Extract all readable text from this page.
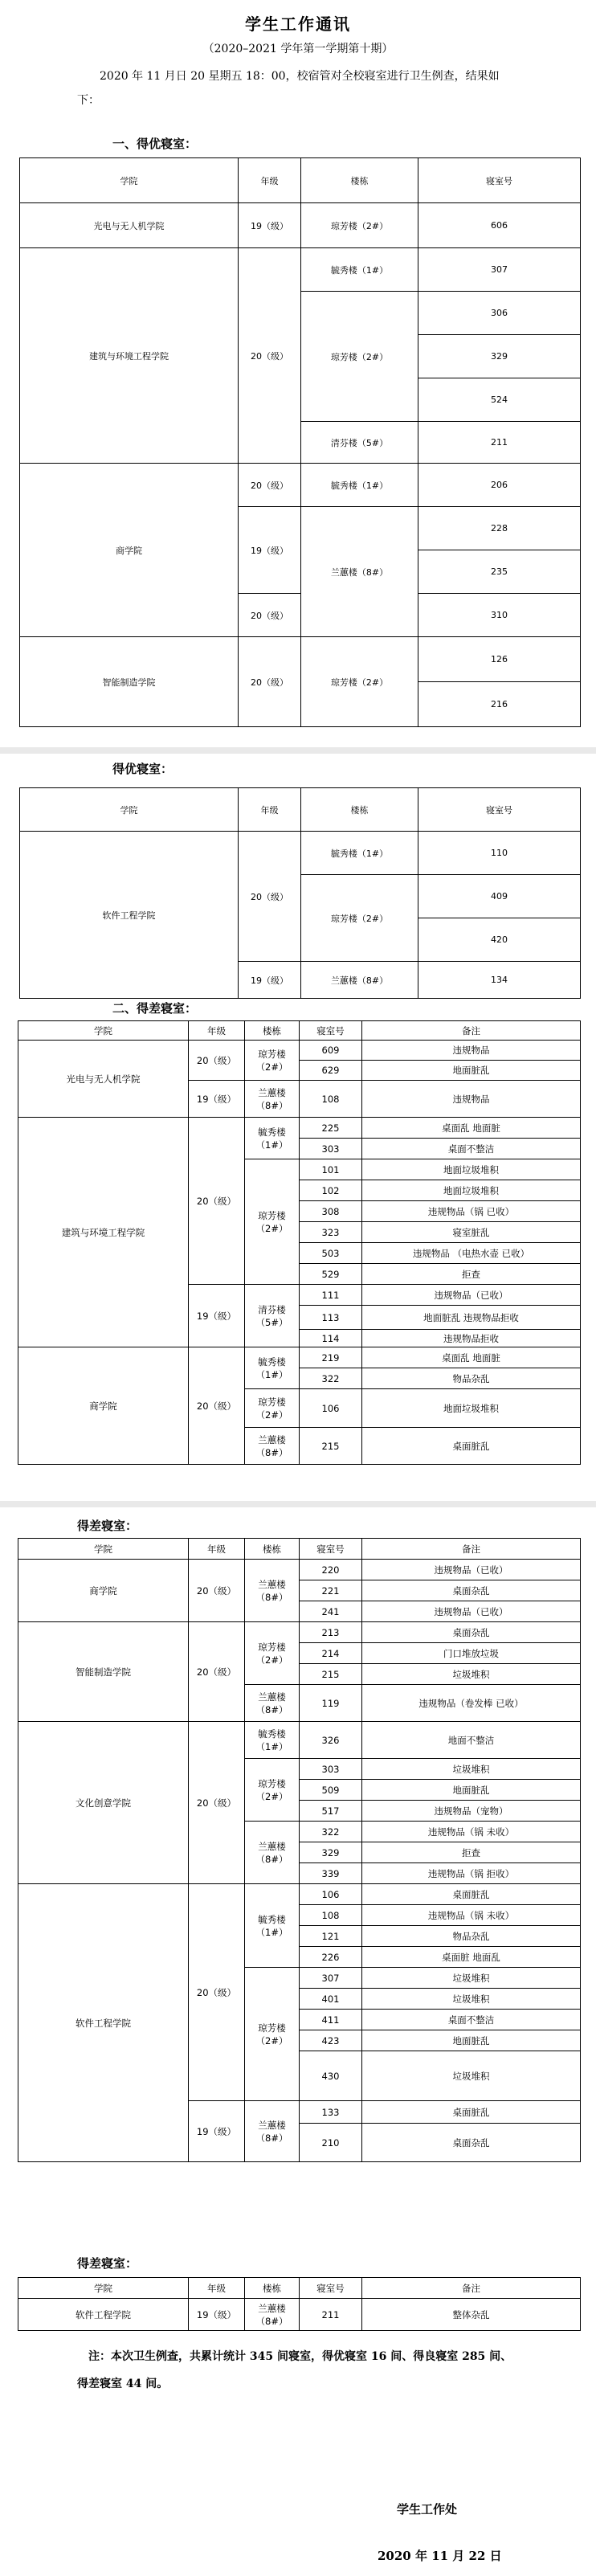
学生工作通讯
（2020–2021 学年第一学期第十期）
2020 年 11 月日 20 星期五 18：00，校宿管对全校寝室进行卫生例查，结果如下：
一、得优寝室：
学院	年级	楼栋	寝室号
光电与无人机学院	19（级）	琼芳楼（2#）	606
建筑与环境工程学院	20（级）	毓秀楼（1#）	307
		琼芳楼（2#）	306
			329
			524
		清芬楼（5#）	211
商学院	20（级）	毓秀楼（1#）	206
	19（级）	兰蕙楼（8#）	228
			235
	20（级）		310
智能制造学院	20（级）	琼芳楼（2#）	126
			216
得优寝室：
学院	年级	楼栋	寝室号
软件工程学院	20（级）	毓秀楼（1#）	110
		琼芳楼（2#）	409
			420
	19（级）	兰蕙楼（8#）	134
二、得差寝室：
学院	年级	楼栋	寝室号	备注
光电与无人机学院	20（级）	琼芳楼（2#）	609	违规物品
			629	地面脏乱
	19（级）	兰蕙楼（8#）	108	违规物品
建筑与环境工程学院	20（级）	毓秀楼（1#）	225	桌面乱 地面脏
			303	桌面不整洁
		琼芳楼（2#）	101	地面垃圾堆积
			102	地面垃圾堆积
			308	违规物品（锅 已收）
			323	寝室脏乱
			503	违规物品 （电热水壶 已收）
			529	拒查
	19（级）	清芬楼（5#）	111	违规物品（已收）
			113	地面脏乱 违规物品拒收
			114	违规物品拒收
商学院	20（级）	毓秀楼（1#）	219	桌面乱 地面脏
			322	物品杂乱
		琼芳楼（2#）	106	地面垃圾堆积
		兰蕙楼（8#）	215	桌面脏乱
得差寝室：
学院	年级	楼栋	寝室号	备注
商学院	20（级）	兰蕙楼（8#）	220	违规物品（已收）
			221	桌面杂乱
			241	违规物品（已收）
智能制造学院	20（级）	琼芳楼（2#）	213	桌面杂乱
			214	门口堆放垃圾
			215	垃圾堆积
		兰蕙楼（8#）	119	违规物品（卷发棒 已收）
文化创意学院	20（级）	毓秀楼（1#）	326	地面不整洁
		琼芳楼（2#）	303	垃圾堆积
			509	地面脏乱
			517	违规物品（宠物）
		兰蕙楼（8#）	322	违规物品（锅 未收）
			329	拒查
			339	违规物品（锅 拒收）
软件工程学院	20（级）	毓秀楼（1#）	106	桌面脏乱
			108	违规物品（锅 未收）
			121	物品杂乱
			226	桌面脏 地面乱
		琼芳楼（2#）	307	垃圾堆积
			401	垃圾堆积
			411	桌面不整洁
			423	地面脏乱
			430	垃圾堆积
	19（级）	兰蕙楼（8#）	133	桌面脏乱
			210	桌面杂乱
得差寝室：
学院	年级	楼栋	寝室号	备注
软件工程学院	19（级）	兰蕙楼（8#）	211	整体杂乱
注：本次卫生例查，共累计统计 345 间寝室，得优寝室 16 间、得良寝室 285 间、得差寝室 44 间。
学生工作处
2020 年 11 月 22 日
